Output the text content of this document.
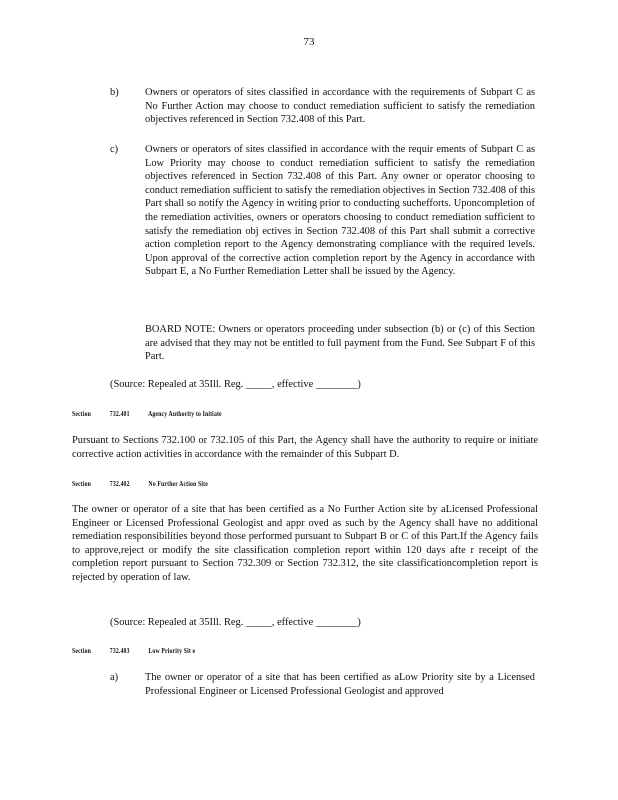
73
b)	Owners or operators of sites classified in accordance with the requirements of Subpart C as No Further Action may choose to conduct remediation sufficient to satisfy the remediation objectives referenced in Section 732.408 of this Part.
c)	Owners or operators of sites classified in accordance with the requir ements of Subpart C as Low Priority may choose to conduct remediation sufficient to satisfy the remediation objectives referenced in Section 732.408 of this Part. Any owner or operator choosing to conduct remediation sufficient to satisfy the remediation objectives in Section 732.408 of this Part shall so notify the Agency in writing prior to conducting suchefforts. Uponcompletion of the remediation activities, owners or operators choosing to conduct remediation sufficient to satisfy the remediation obj ectives in Section 732.408 of this Part shall submit a corrective action completion report to the Agency demonstrating compliance with the required levels. Upon approval of the corrective action completion report by the Agency in accordance with Subpart E, a No Further Remediation Letter shall be issued by the Agency.
BOARD NOTE: Owners or operators proceeding under subsection (b) or (c) of this Section are advised that they may not be entitled to full payment from the Fund. See Subpart F of this Part.
(Source: Repealed at 35Ill. Reg. _____, effective ________)
Section	732.401 Agency Authority to Initiate
Pursuant to Sections 732.100 or 732.105 of this Part, the Agency shall have the authority to require or initiate corrective action activities in accordance with the remainder of this Subpart D.
Section	732.402	No Further Action Site
The owner or operator of a site that has been certified as a No Further Action site by aLicensed Professional Engineer or Licensed Professional Geologist and appr oved as such by the Agency shall have no additional remediation responsibilities beyond those performed pursuant to Subpart B or C of this Part.If the Agency fails to approve,reject or modify the site classification completion report within 120 days afte r receipt of the completion report pursuant to Section 732.309 or Section 732.312, the site classificationcompletion report is rejected by operation of law.
(Source: Repealed at 35Ill. Reg. _____, effective ________)
Section	732.403	Low Priority Sit e
a)	The owner or operator of a site that has been certified as aLow Priority site by a Licensed Professional Engineer or Licensed Professional Geologist and approved
